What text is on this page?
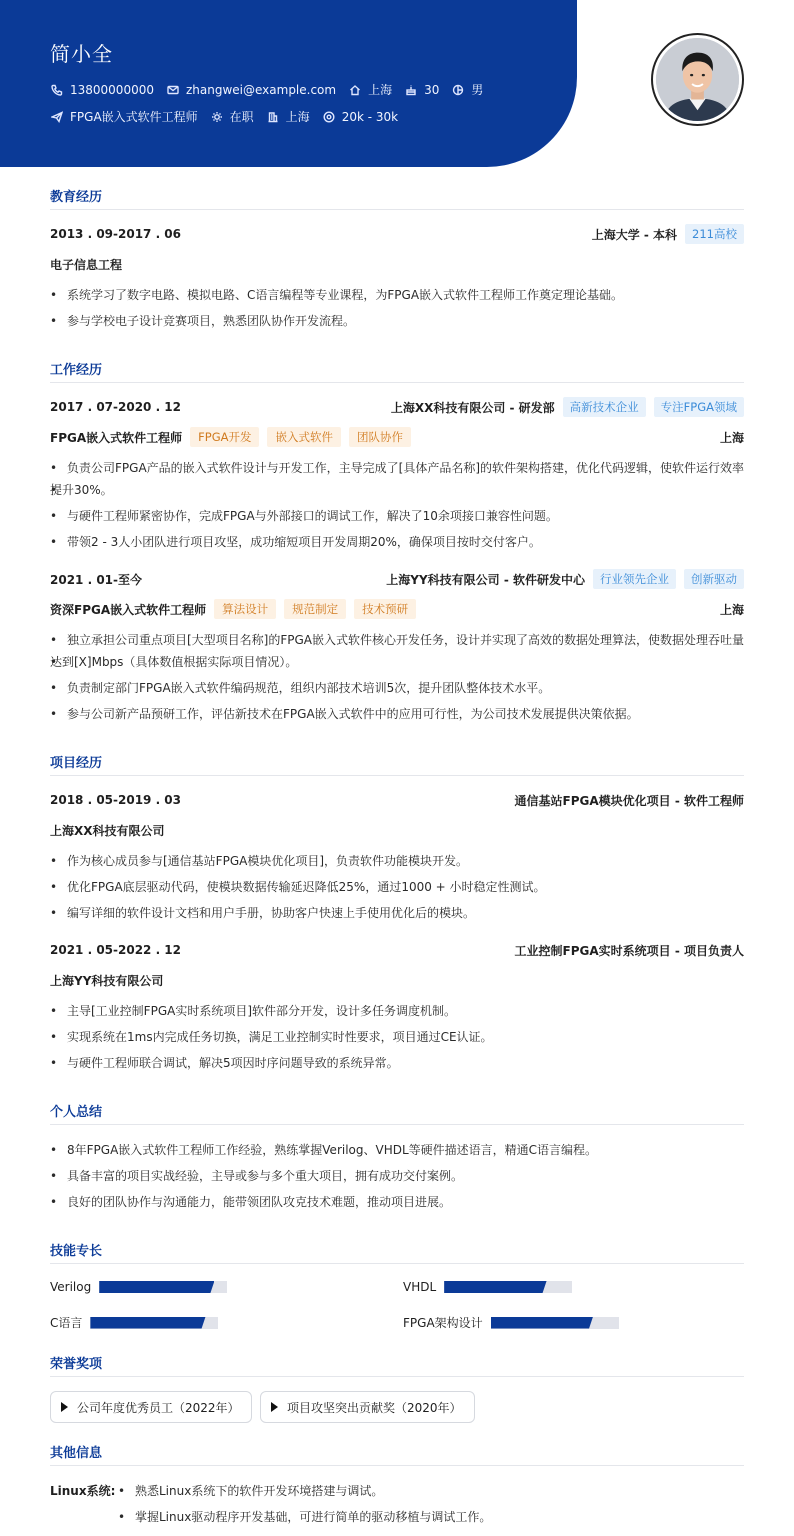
简小全
13800000000	zhangwei@example.com	上海	30	男
FPGA嵌入式软件工程师	在职	上海	20k - 30k
教育经历
2013 . 09-2017 . 06	上海大学 - 本科	211高校
电子信息工程
• 系统学习了数字电路、模拟电路、C语言编程等专业课程，为FPGA嵌入式软件工程师工作奠定理论基础。
• 参与学校电子设计竞赛项目，熟悉团队协作开发流程。
工作经历
2017 . 07-2020 . 12	上海XX科技有限公司 - 研发部	高新技术企业	专注FPGA领域
FPGA嵌入式软件工程师	FPGA开发	嵌入式软件	团队协作	上海
• 负责公司FPGA产品的嵌入式软件设计与开发工作，主导完成了[具体产品名称]的软件架构搭建，优化代码逻辑，使软件运行效率
• 提升30%。
• 与硬件工程师紧密协作，完成FPGA与外部接口的调试工作，解决了10余项接口兼容性问题。
• 带领2 - 3人小团队进行项目攻坚，成功缩短项目开发周期20%，确保项目按时交付客户。
2021 . 01-至今	上海YY科技有限公司 - 软件研发中心	行业领先企业	创新驱动
资深FPGA嵌入式软件工程师	算法设计	规范制定	技术预研	上海
• 独立承担公司重点项目[大型项目名称]的FPGA嵌入式软件核心开发任务，设计并实现了高效的数据处理算法，使数据处理吞吐量
• 达到[X]Mbps（具体数值根据实际项目情况）。
• 负责制定部门FPGA嵌入式软件编码规范，组织内部技术培训5次，提升团队整体技术水平。
• 参与公司新产品预研工作，评估新技术在FPGA嵌入式软件中的应用可行性，为公司技术发展提供决策依据。
项目经历
2018 . 05-2019 . 03	通信基站FPGA模块优化项目 - 软件工程师
上海XX科技有限公司
• 作为核心成员参与[通信基站FPGA模块优化项目]，负责软件功能模块开发。
• 优化FPGA底层驱动代码，使模块数据传输延迟降低25%，通过1000 + 小时稳定性测试。
• 编写详细的软件设计文档和用户手册，协助客户快速上手使用优化后的模块。
2021 . 05-2022 . 12	工业控制FPGA实时系统项目 - 项目负责人
上海YY科技有限公司
• 主导[工业控制FPGA实时系统项目]软件部分开发，设计多任务调度机制。
• 实现系统在1ms内完成任务切换，满足工业控制实时性要求，项目通过CE认证。
• 与硬件工程师联合调试，解决5项因时序问题导致的系统异常。
个人总结
• 8年FPGA嵌入式软件工程师工作经验，熟练掌握Verilog、VHDL等硬件描述语言，精通C语言编程。
• 具备丰富的项目实战经验，主导或参与多个重大项目，拥有成功交付案例。
• 良好的团队协作与沟通能力，能带领团队攻克技术难题，推动项目进展。
技能专长
Verilog	VHDL
C语言	FPGA架构设计
荣誉奖项
公司年度优秀员工（2022年）	项目攻坚突出贡献奖（2020年）
其他信息
Linux系统:
•	熟悉Linux系统下的软件开发环境搭建与调试。
• 掌握Linux驱动程序开发基础，可进行简单的驱动移植与调试工作。
